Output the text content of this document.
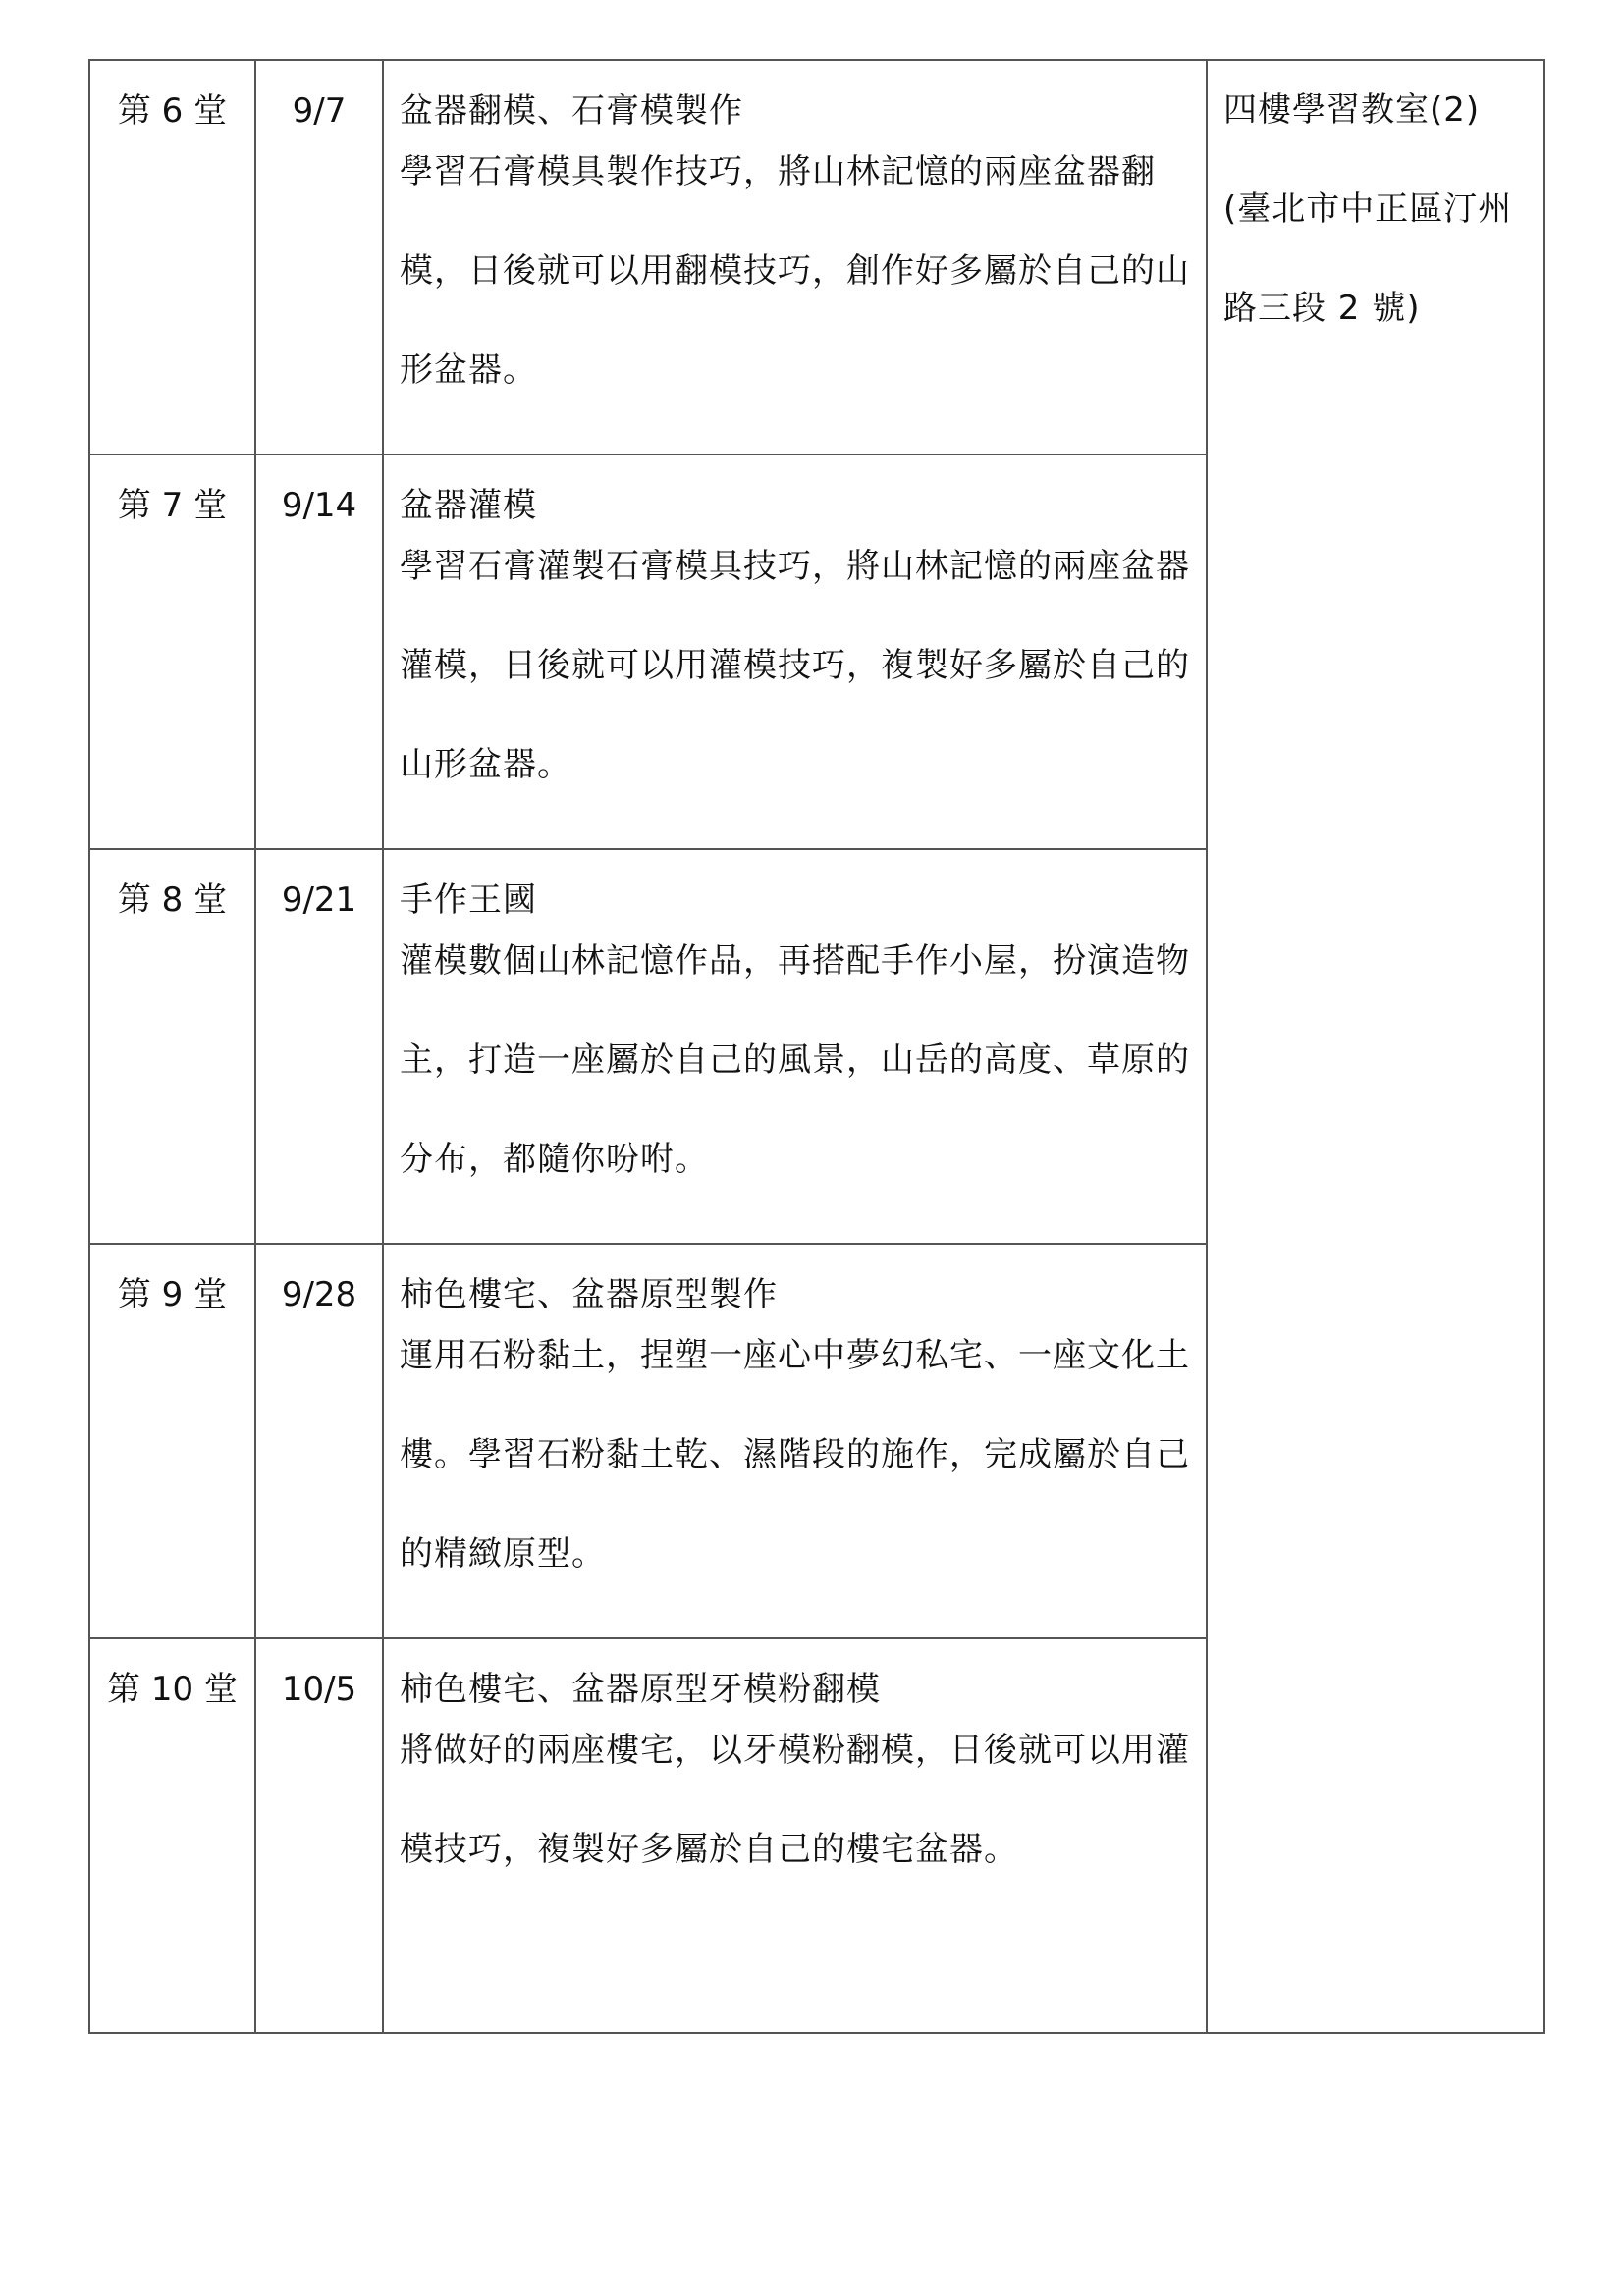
第 6 堂	9/7	盆器翻模、石膏模製作
學習石膏模具製作技巧，將山林記憶的兩座盆器翻模，日後就可以用翻模技巧，創作好多屬於自己的山形盆器。	四樓學習教室(2)
(臺北市中正區汀州路三段 2 號)

第 7 堂	9/14	盆器灌模
學習石膏灌製石膏模具技巧，將山林記憶的兩座盆器灌模，日後就可以用灌模技巧，複製好多屬於自己的山形盆器。	

第 8 堂	9/21	手作王國
灌模數個山林記憶作品，再搭配手作小屋，扮演造物主，打造一座屬於自己的風景，山岳的高度、草原的分布，都隨你吩咐。	

第 9 堂	9/28	柿色樓宅、盆器原型製作
運用石粉黏土，捏塑一座心中夢幻私宅、一座文化土樓。學習石粉黏土乾、濕階段的施作，完成屬於自己的精緻原型。	

第 10 堂	10/5	柿色樓宅、盆器原型牙模粉翻模
將做好的兩座樓宅，以牙模粉翻模，日後就可以用灌模技巧，複製好多屬於自己的樓宅盆器。	
